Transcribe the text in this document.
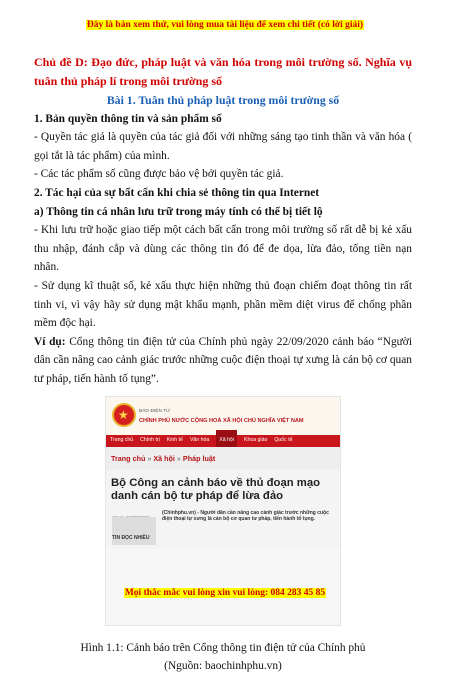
Đây là bản xem thử, vui lòng mua tài liệu để xem chi tiết (có lời giải)

Chủ đề D: Đạo đức, pháp luật và văn hóa trong môi trường số. Nghĩa vụ tuân thủ pháp lí trong môi trường số

Bài 1. Tuân thủ pháp luật trong môi trường số

1. Bản quyền thông tin và sản phẩm số

- Quyền tác giả là quyền của tác giả đối với những sáng tạo tinh thần và văn hóa ( gọi tắt là tác phẩm) của mình.

- Các tác phẩm số cũng được bảo vệ bởi quyền tác giả.

2. Tác hại của sự bất cẩn khi chia sẻ thông tin qua Internet

a) Thông tin cá nhân lưu trữ trong máy tính có thể bị tiết lộ

- Khi lưu trữ hoặc giao tiếp một cách bất cẩn trong môi trường số rất dễ bị kẻ xấu thu nhập, đánh cắp và dùng các thông tin đó để đe dọa, lừa đảo, tống tiền nạn nhân.

- Sử dụng kĩ thuật số, kẻ xấu thực hiện những thủ đoạn chiếm đoạt thông tin rất tinh vi, vì vậy hãy sử dụng mật khẩu mạnh, phần mềm diệt virus để chống phần mềm độc hại.

Ví dụ: Cổng thông tin điện tử của Chính phủ ngày 22/09/2020 cảnh báo “Người dân cần nâng cao cảnh giác trước những cuộc điện thoại tự xưng là cán bộ cơ quan tư pháp, tiến hành tố tụng”.

★
BÁO ĐIỆN TỬ
CHÍNH PHỦ NƯỚC CỘNG HOÀ XÃ HỘI CHỦ NGHĨA VIỆT NAM
Trang chủ Chính trị Kinh tế Văn hóa	Xã hội	Khoa giáo Quốc tế
Trang chủ » Xã hội » Pháp luật
Bộ Công an cảnh báo về thủ đoạn mạo danh cán bộ tư pháp để lừa đảo
TIN ĐỌC NHIỀU
(Chinhphu.vn) - Người dân cần nâng cao cảnh giác trước những cuộc điện thoại tự xưng là cán bộ cơ quan tư pháp, tiến hành tố tụng.

Hình 1.1: Cảnh báo trên Cổng thông tin điện tử của Chính phủ

(Nguồn: baochinhphu.vn)

Mọi thắc mắc vui lòng xin vui lòng: 084 283 45 85
